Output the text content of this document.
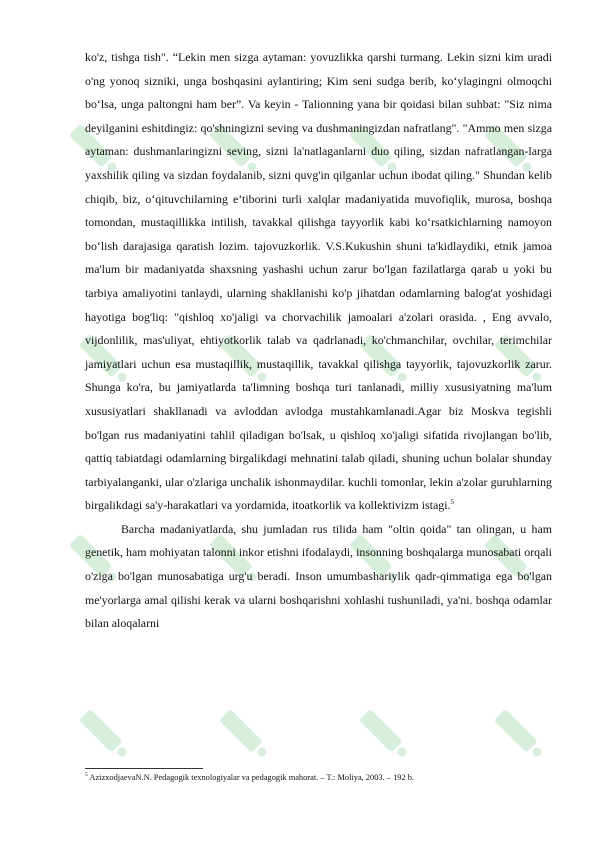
ko'z, tishga tish". “Lekin men sizga aytaman: yovuzlikka qarshi turmang. Lekin sizni kim uradi o'ng yonoq sizniki, unga boshqasini aylantiring; Kim seni sudga berib, ko‘ylagingni olmoqchi bo‘lsa, unga paltongni ham ber”. Va keyin - Talionning yana bir qoidasi bilan suhbat: "Siz nima deyilganini eshitdingiz: qo'shningizni seving va dushmaningizdan nafratlang". "Ammo men sizga aytaman: dushmanlaringizni seving, sizni la'natlaganlarni duo qiling, sizdan nafratlangan-larga yaxshilik qiling va sizdan foydalanib, sizni quvg'in qilganlar uchun ibodat qiling." Shundan kelib chiqib, biz, o‘qituvchilarning e’tiborini turli xalqlar madaniyatida muvofiqlik, murosa, boshqa tomondan, mustaqillikka intilish, tavakkal qilishga tayyorlik kabi ko‘rsatkichlarning namoyon bo‘lish darajasiga qaratish lozim. tajovuzkorlik. V.S.Kukushin shuni ta'kidlaydiki, etnik jamoa ma'lum bir madaniyatda shaxsning yashashi uchun zarur bo'lgan fazilatlarga qarab u yoki bu tarbiya amaliyotini tanlaydi, ularning shakllanishi ko'p jihatdan odamlarning balog'at yoshidagi hayotiga bog'liq: "qishloq xo'jaligi va chorvachilik jamoalari a'zolari orasida. , Eng avvalo, vijdonlilik, mas'uliyat, ehtiyotkorlik talab va qadrlanadi, ko'chmanchilar, ovchilar, terimchilar jamiyatlari uchun esa mustaqillik, mustaqillik, tavakkal qilishga tayyorlik, tajovuzkorlik zarur. Shunga ko'ra, bu jamiyatlarda ta'limning boshqa turi tanlanadi, milliy xususiyatning ma'lum xususiyatlari shakllanadi va avloddan avlodga mustahkamlanadi.Agar biz Moskva tegishli bo'lgan rus madaniyatini tahlil qiladigan bo'lsak, u qishloq xo'jaligi sifatida rivojlangan bo'lib, qattiq tabiatdagi odamlarning birgalikdagi mehnatini talab qiladi, shuning uchun bolalar shunday tarbiyalanganki, ular o'zlariga unchalik ishonmaydilar. kuchli tomonlar, lekin a'zolar guruhlarning birgalikdagi sa'y-harakatlari va yordamida, itoatkorlik va kollektivizm istagi.$^5$

Barcha madaniyatlarda, shu jumladan rus tilida ham "oltin qoida" tan olingan, u ham genetik, ham mohiyatan talonni inkor etishni ifodalaydi, insonning boshqalarga munosabati orqali o'ziga bo'lgan munosabatiga urg'u beradi. Inson umumbashariylik qadr-qimmatiga ega bo'lgan me'yorlarga amal qilishi kerak va ularni boshqarishni xohlashi tushuniladi, ya'ni. boshqa odamlar bilan aloqalarni

$^5$ AzizxodjaevaN.N. Pedagogik texnologiyalar va pedagogik mahorat. – T.: Moliya, 2003. – 192 b.
